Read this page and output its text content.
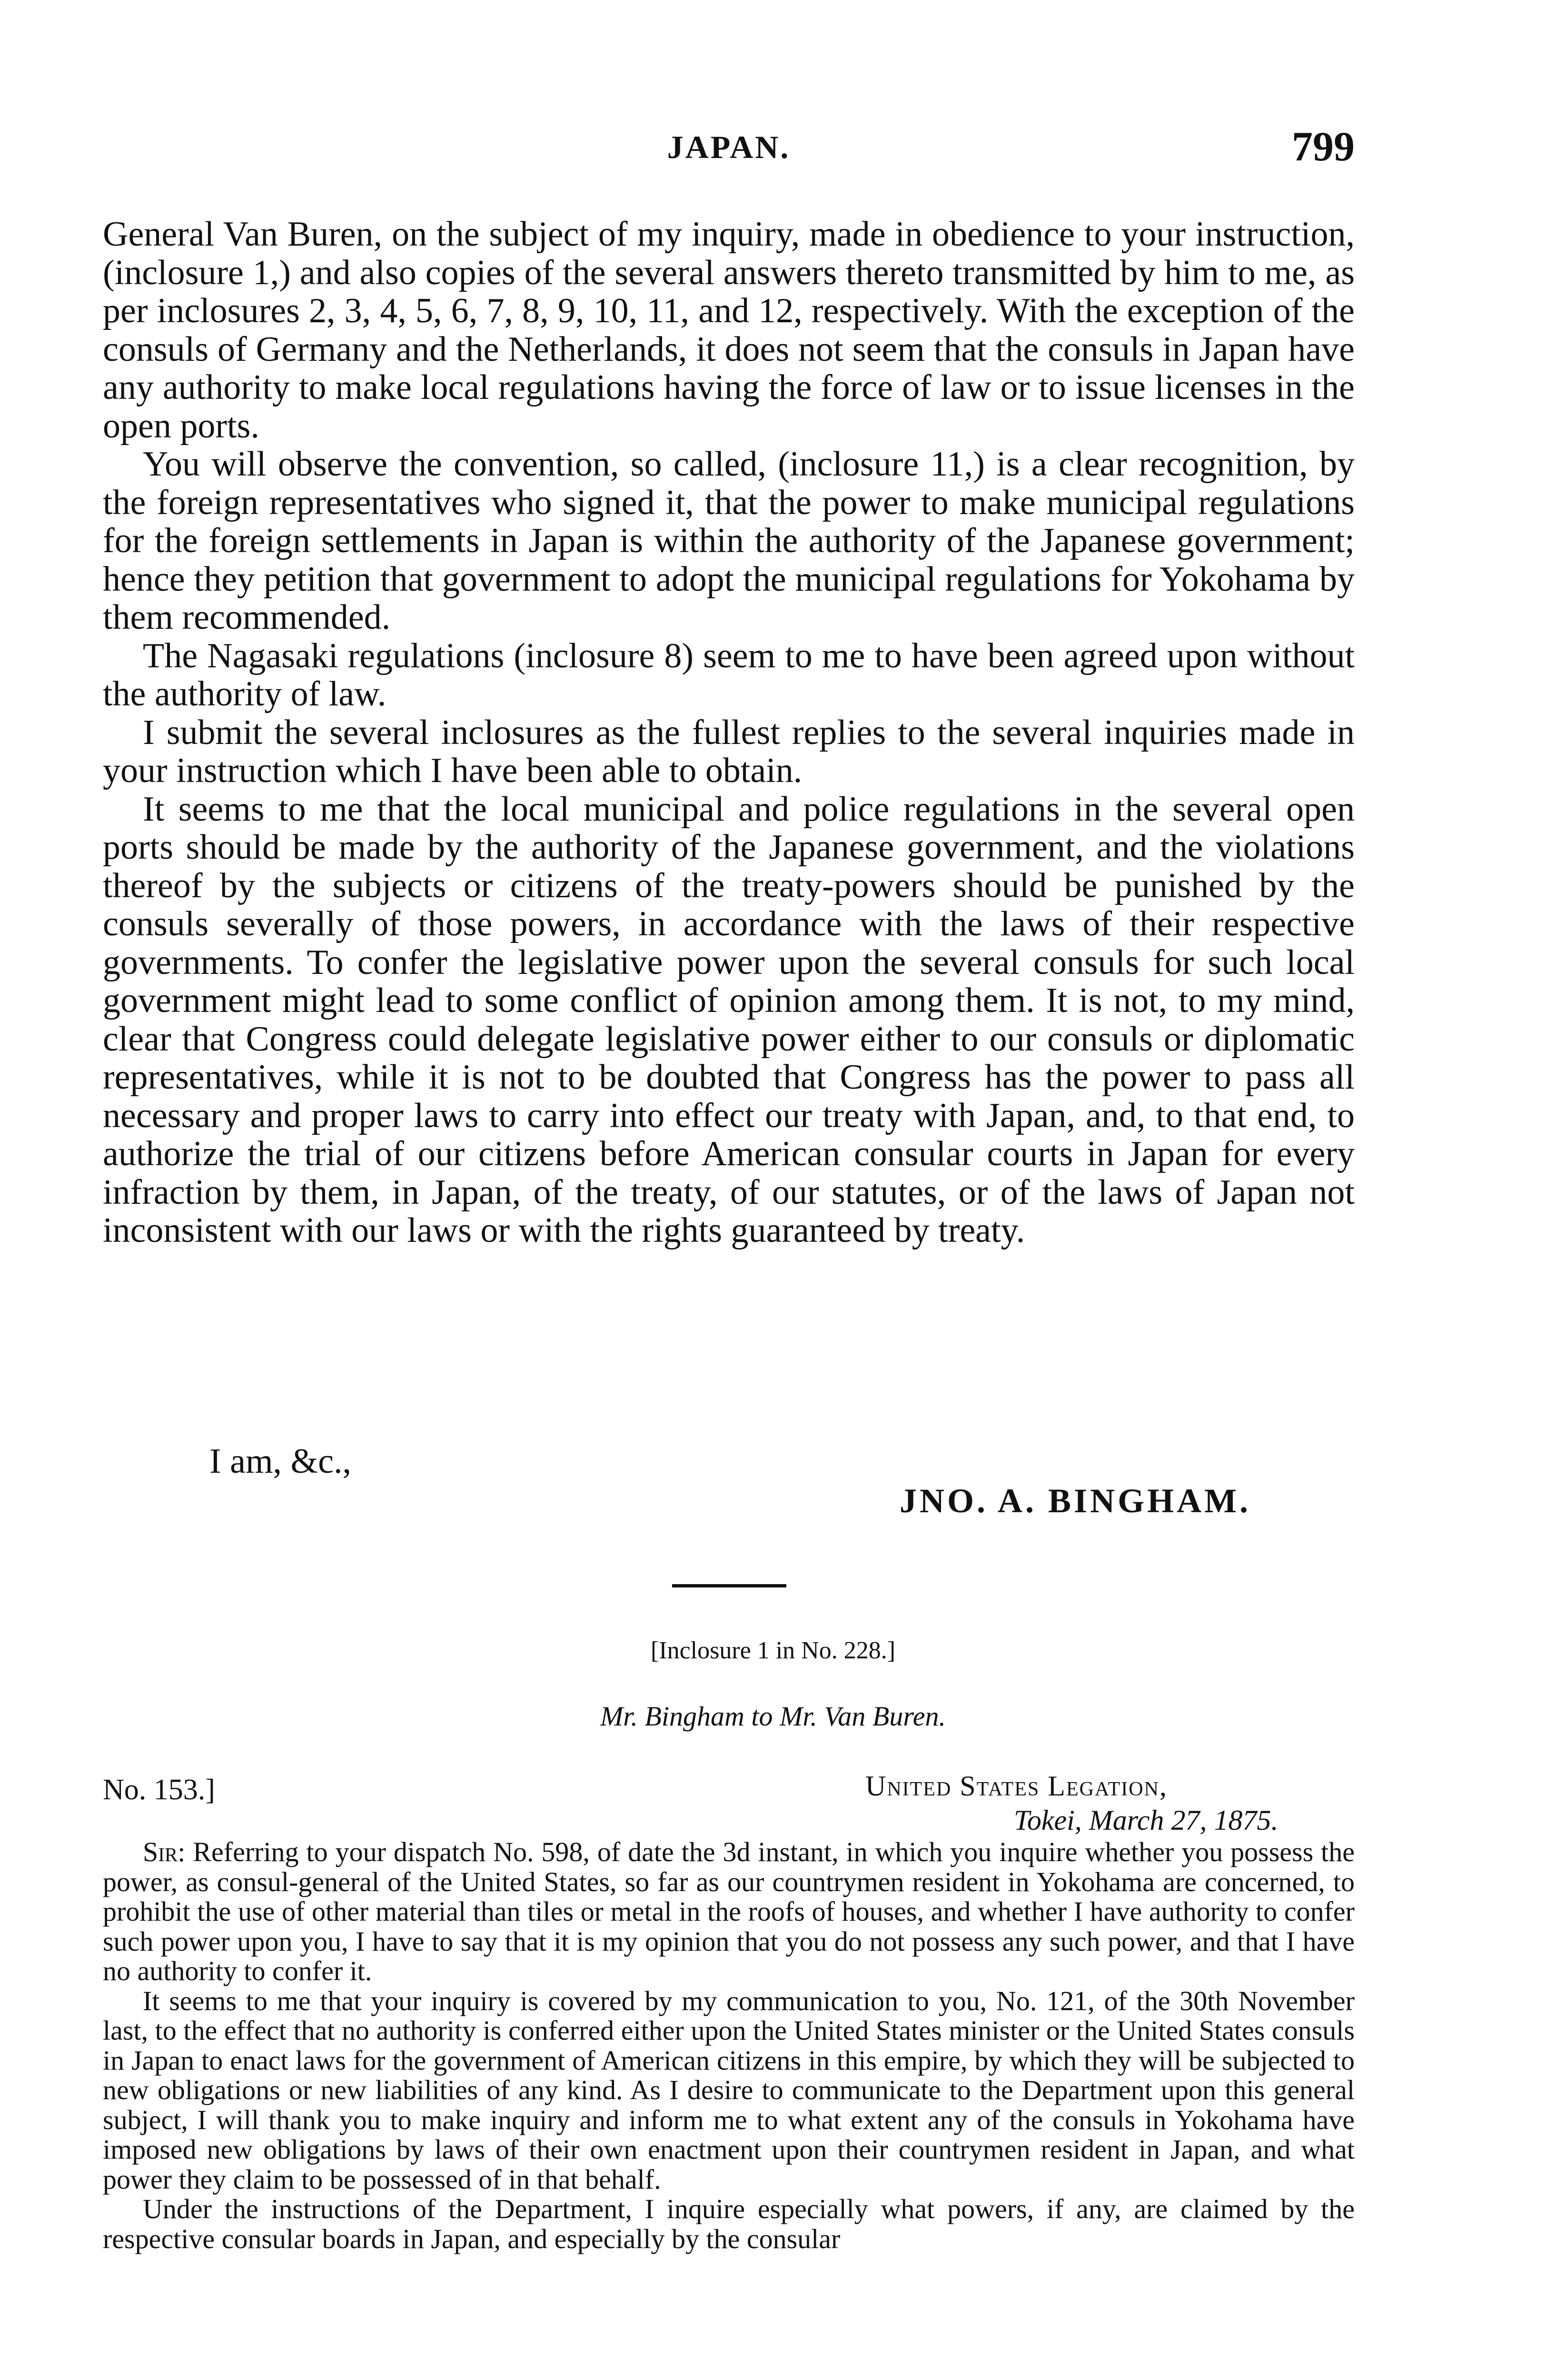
JAPAN.	799

General Van Buren, on the subject of my inquiry, made in obedience to your instruction, (inclosure 1,) and also copies of the several answers thereto transmitted by him to me, as per inclosures 2, 3, 4, 5, 6, 7, 8, 9, 10, 11, and 12, respectively. With the exception of the consuls of Germany and the Netherlands, it does not seem that the consuls in Japan have any authority to make local regulations having the force of law or to issue licenses in the open ports.

You will observe the convention, so called, (inclosure 11,) is a clear recognition, by the foreign representatives who signed it, that the power to make municipal regulations for the foreign settlements in Japan is within the authority of the Japanese government; hence they petition that government to adopt the municipal regulations for Yokohama by them recommended.

The Nagasaki regulations (inclosure 8) seem to me to have been agreed upon without the authority of law.

I submit the several inclosures as the fullest replies to the several inquiries made in your instruction which I have been able to obtain.

It seems to me that the local municipal and police regulations in the several open ports should be made by the authority of the Japanese government, and the violations thereof by the subjects or citizens of the treaty-powers should be punished by the consuls severally of those powers, in accordance with the laws of their respective governments. To confer the legislative power upon the several consuls for such local government might lead to some conflict of opinion among them. It is not, to my mind, clear that Congress could delegate legislative power either to our consuls or diplomatic representatives, while it is not to be doubted that Congress has the power to pass all necessary and proper laws to carry into effect our treaty with Japan, and, to that end, to authorize the trial of our citizens before American consular courts in Japan for every infraction by them, in Japan, of the treaty, of our statutes, or of the laws of Japan not inconsistent with our laws or with the rights guaranteed by treaty.

I am, &c.,
JNO. A. BINGHAM.
[Inclosure 1 in No. 228.]
Mr. Bingham to Mr. Van Buren.
No. 153.]	United States Legation,
Tokei, March 27, 1875.

Sir: Referring to your dispatch No. 598, of date the 3d instant, in which you inquire whether you possess the power, as consul-general of the United States, so far as our countrymen resident in Yokohama are concerned, to prohibit the use of other material than tiles or metal in the roofs of houses, and whether I have authority to confer such power upon you, I have to say that it is my opinion that you do not possess any such power, and that I have no authority to confer it.

It seems to me that your inquiry is covered by my communication to you, No. 121, of the 30th November last, to the effect that no authority is conferred either upon the United States minister or the United States consuls in Japan to enact laws for the government of American citizens in this empire, by which they will be subjected to new obligations or new liabilities of any kind. As I desire to communicate to the Department upon this general subject, I will thank you to make inquiry and inform me to what extent any of the consuls in Yokohama have imposed new obligations by laws of their own enactment upon their countrymen resident in Japan, and what power they claim to be possessed of in that behalf.

Under the instructions of the Department, I inquire especially what powers, if any, are claimed by the respective consular boards in Japan, and especially by the consular
